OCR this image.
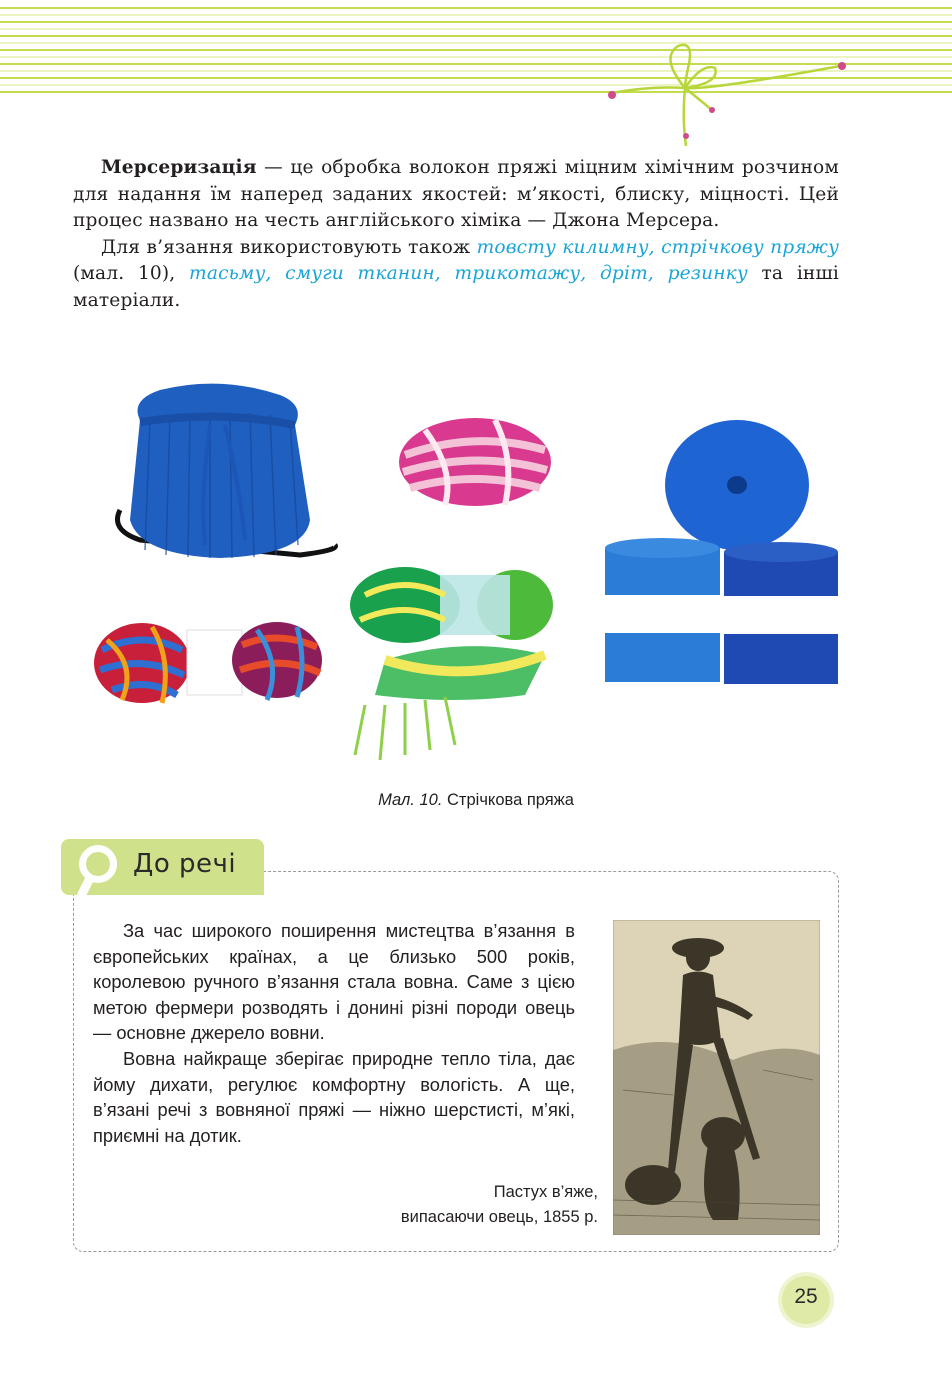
Мерсеризація — це обробка волокон пряжі міцним хімічним розчином для надання їм наперед заданих якостей: м’якості, блиску, міцності. Цей процес названо на честь англійського хіміка — Джона Мерсера.

Для в’язання використовують також товсту килимну, стрічкову пряжу (мал. 10), тасьму, смуги тканин, трикотажу, дріт, резинку та інші матеріали.

Мал. 10. Стрічкова пряжа
До речі

За час широкого поширення мистецтва в’язання в європейських країнах, а це близько 500 років, королевою ручного в’язання стала вовна. Саме з цією метою фермери розводять і донині різні породи овець — основне джерело вовни.

Вовна найкраще зберігає природне тепло тіла, дає йому дихати, регулює комфортну вологість. А ще, в’язані речі з вовняної пряжі — ніжно шерстисті, м’які, приємні на дотик.

Пастух в’яже,
випасаючи овець, 1855 р.
25
